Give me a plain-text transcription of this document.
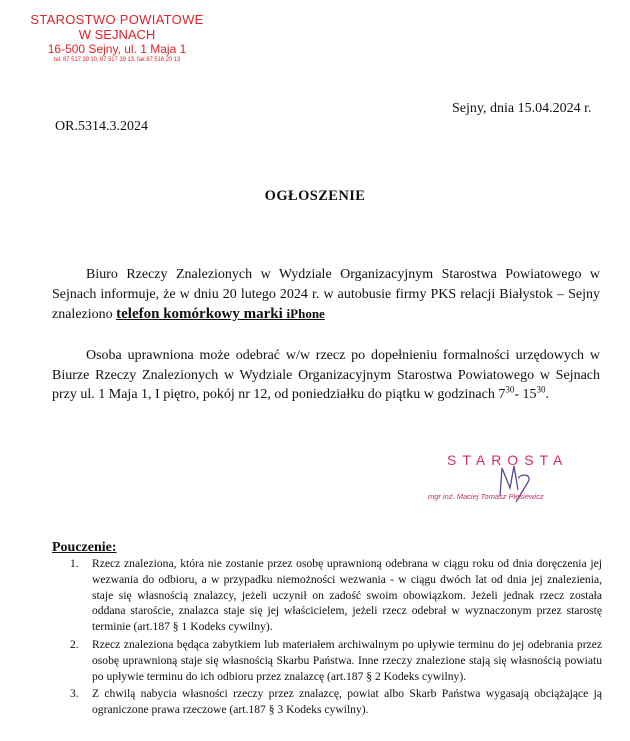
STAROSTWO POWIATOWE
W SEJNACH
16-500 Sejny, ul. 1 Maja 1
tel. 87 517 39 10, 87 517 39 13, fax 87 516 20 13
Sejny, dnia 15.04.2024 r.
OR.5314.3.2024
OGŁOSZENIE
Biuro Rzeczy Znalezionych w Wydziale Organizacyjnym Starostwa Powiatowego w Sejnach informuje, że w dniu 20 lutego 2024 r. w autobusie firmy PKS relacji Białystok – Sejny znaleziono telefon komórkowy marki iPhone
Osoba uprawniona może odebrać w/w rzecz po dopełnieniu formalności urzędowych w Biurze Rzeczy Znalezionych w Wydziale Organizacyjnym Starostwa Powiatowego w Sejnach przy ul. 1 Maja 1, I piętro, pokój nr 12, od poniedziałku do piątku w godzinach $7^{30}-$ $15^{30}$.
STAROSTA
mgr inż. Maciej Tomasz Plesiewicz
Pouczenie:
1. Rzecz znaleziona, która nie zostanie przez osobę uprawnioną odebrana w ciągu roku od dnia doręczenia jej wezwania do odbioru, a w przypadku niemożności wezwania - w ciągu dwóch lat od dnia jej znalezienia, staje się własnością znalazcy, jeżeli uczynił on zadość swoim obowiązkom. Jeżeli jednak rzecz została oddana staroście, znalazca staje się jej właścicielem, jeżeli rzecz odebrał w wyznaczonym przez starostę terminie (art.187 § 1 Kodeks cywilny).
2. Rzecz znaleziona będąca zabytkiem lub materiałem archiwalnym po upływie terminu do jej odebrania przez osobę uprawnioną staje się własnością Skarbu Państwa. Inne rzeczy znalezione stają się własnością powiatu po upływie terminu do ich odbioru przez znalazcę (art.187 § 2 Kodeks cywilny).
3. Z chwilą nabycia własności rzeczy przez znalazcę, powiat albo Skarb Państwa wygasają obciążające ją ograniczone prawa rzeczowe (art.187 § 3 Kodeks cywilny).
